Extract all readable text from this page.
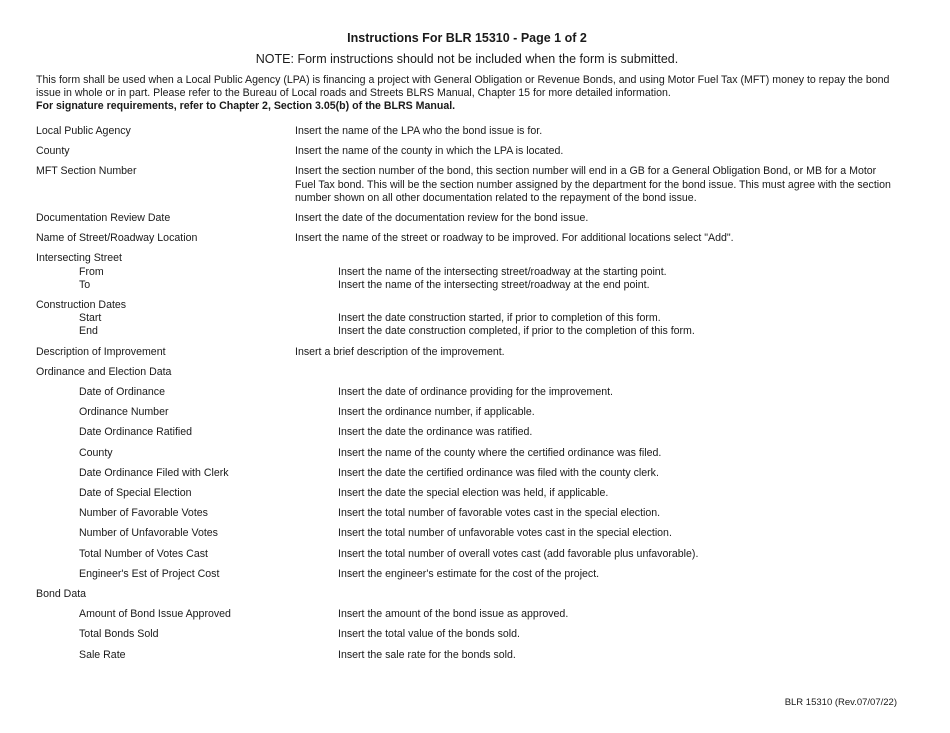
Instructions For BLR 15310 - Page 1 of 2
NOTE: Form instructions should not be included when the form is submitted.
This form shall be used when a Local Public Agency (LPA) is financing a project with General Obligation or Revenue Bonds, and using Motor Fuel Tax (MFT) money to repay the bond issue in whole or in part. Please refer to the Bureau of Local roads and Streets BLRS Manual, Chapter 15 for more detailed information.
For signature requirements, refer to Chapter 2, Section 3.05(b) of the BLRS Manual.
Local Public Agency	Insert the name of the LPA who the bond issue is for.
County	Insert the name of the county in which the LPA is located.
MFT Section Number	Insert the section number of the bond, this section number will end in a GB for a General Obligation Bond, or MB for a Motor Fuel Tax bond. This will be the section number assigned by the department for the bond issue. This must agree with the section number shown on all other documentation related to the repayment of the bond issue.
Documentation Review Date	Insert the date of the documentation review for the bond issue.
Name of Street/Roadway Location	Insert the name of the street or roadway to be improved. For additional locations select "Add".
Intersecting Street
From	Insert the name of the intersecting street/roadway at the starting point.
To	Insert the name of the intersecting street/roadway at the end point.
Construction Dates
Start	Insert the date construction started, if prior to completion of this form.
End	Insert the date construction completed, if prior to the completion of this form.
Description of Improvement	Insert a brief description of the improvement.
Ordinance and Election Data
Date of Ordinance	Insert the date of ordinance providing for the improvement.
Ordinance Number	Insert the ordinance number, if applicable.
Date Ordinance Ratified	Insert the date the ordinance was ratified.
County	Insert the name of the county where the certified ordinance was filed.
Date Ordinance Filed with Clerk	Insert the date the certified ordinance was filed with the county clerk.
Date of Special Election	Insert the date the special election was held, if applicable.
Number of Favorable Votes	Insert the total number of favorable votes cast in the special election.
Number of Unfavorable Votes	Insert the total number of unfavorable votes cast in the special election.
Total Number of Votes Cast	Insert the total number of overall votes cast (add favorable plus unfavorable).
Engineer's Est of Project Cost	Insert the engineer's estimate for the cost of the project.
Bond Data
Amount of Bond Issue Approved	Insert the amount of the bond issue as approved.
Total Bonds Sold	Insert the total value of the bonds sold.
Sale Rate	Insert the sale rate for the bonds sold.
BLR 15310 (Rev.07/07/22)
